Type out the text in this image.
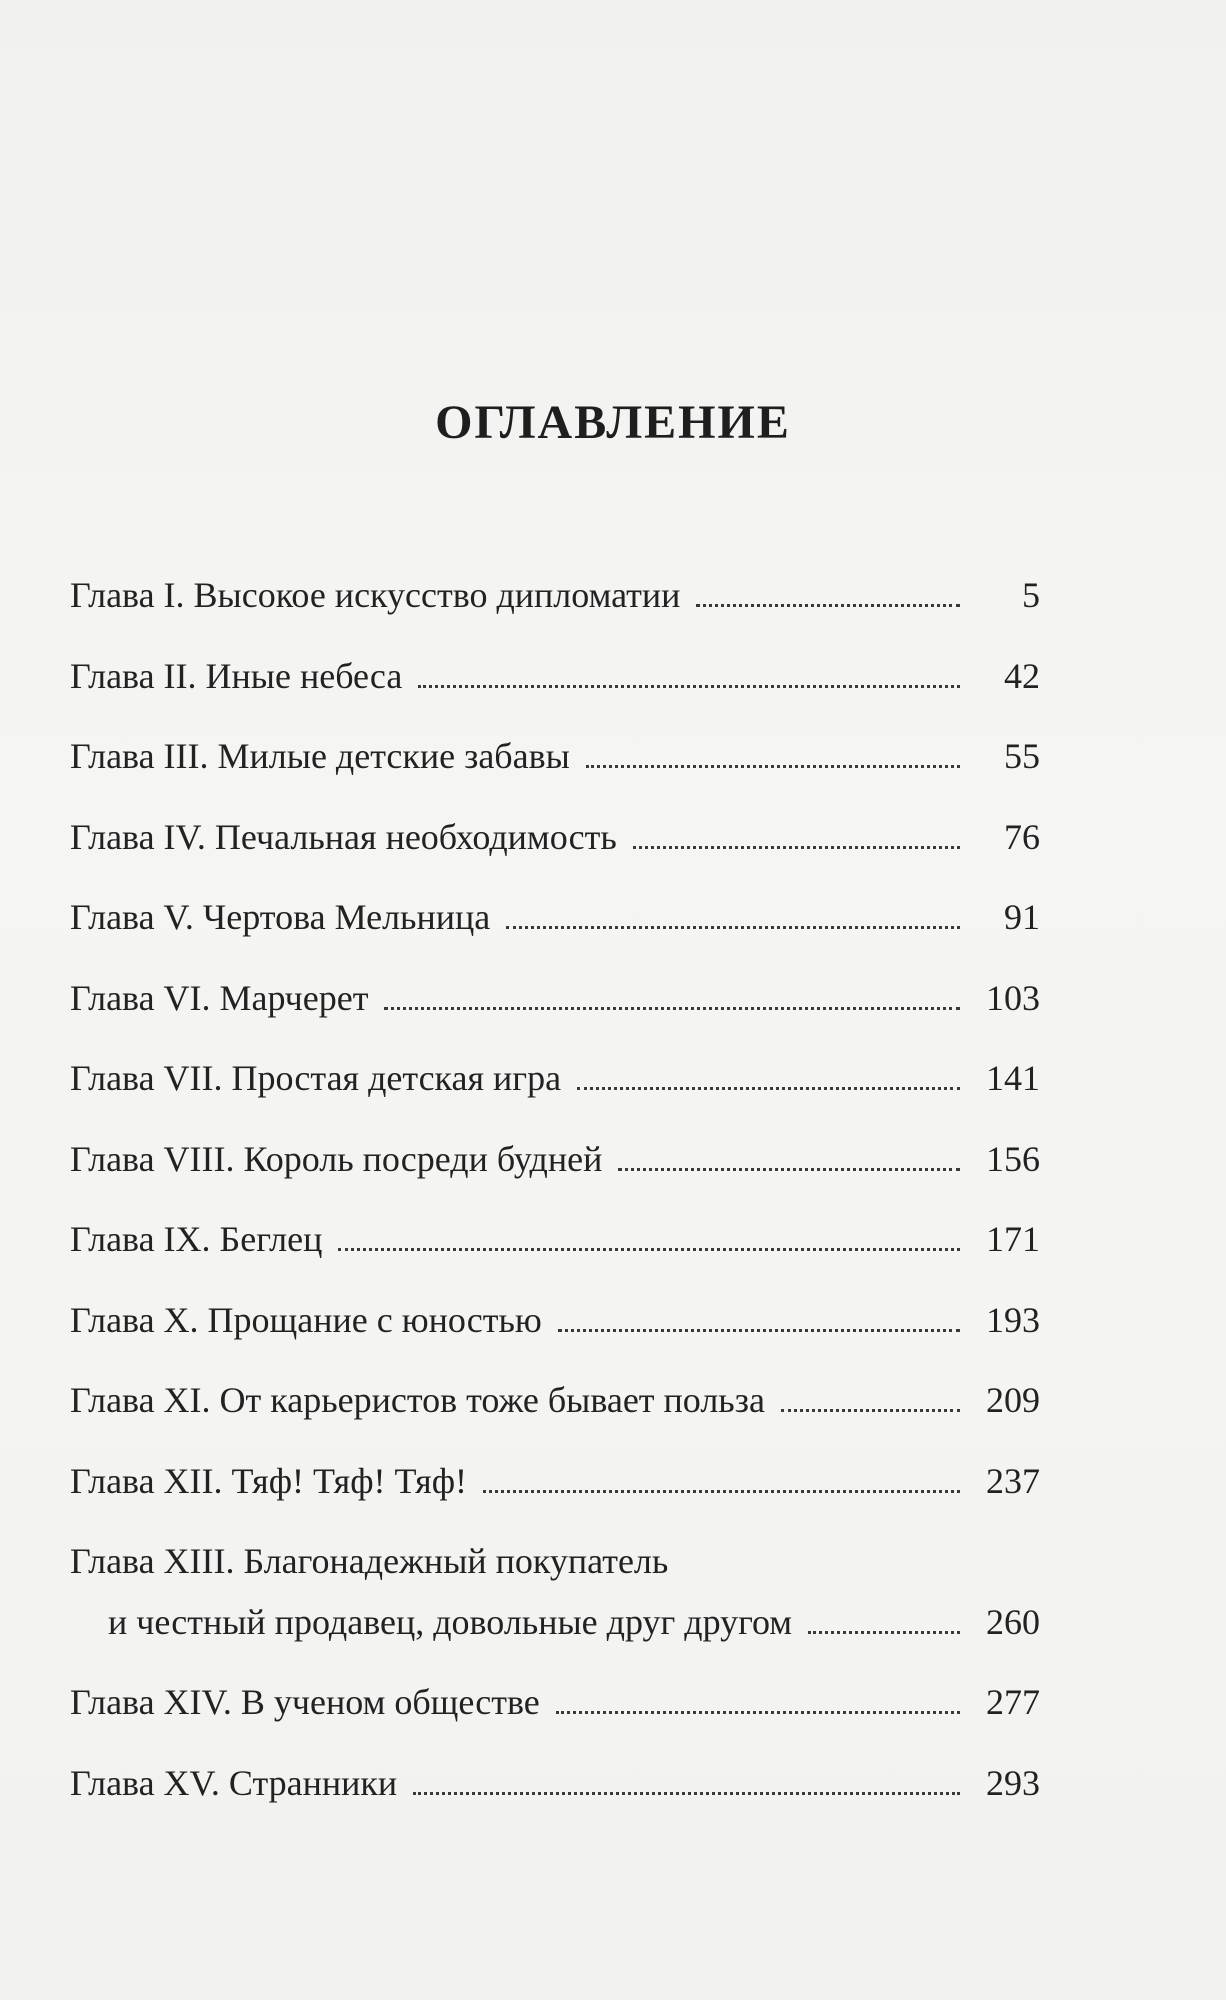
ОГЛАВЛЕНИЕ
Глава I. Высокое искусство дипломатии	5
Глава II. Иные небеса	42
Глава III. Милые детские забавы	55
Глава IV. Печальная необходимость	76
Глава V. Чертова Мельница	91
Глава VI. Марчерет	103
Глава VII. Простая детская игра	141
Глава VIII. Король посреди будней	156
Глава IX. Беглец	171
Глава X. Прощание с юностью	193
Глава XI. От карьеристов тоже бывает польза	209
Глава XII. Тяф! Тяф! Тяф!	237
Глава XIII. Благонадежный покупатель
и честный продавец, довольные друг другом	260
Глава XIV. В ученом обществе	277
Глава XV. Странники	293
